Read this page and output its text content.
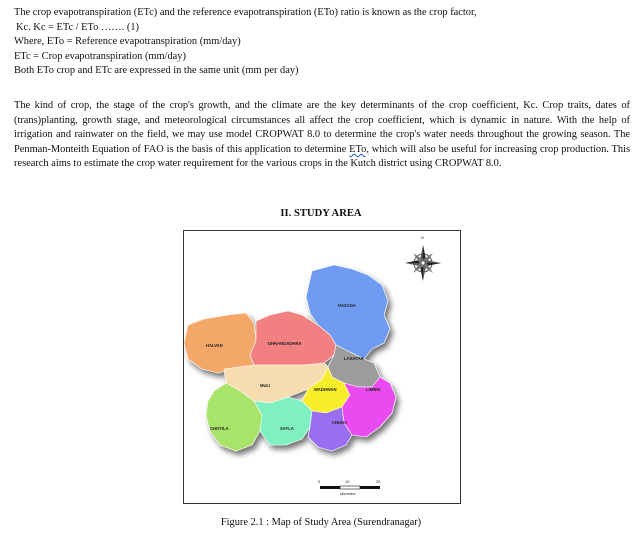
The crop evapotranspiration (ETc) and the reference evapotranspiration (ETo) ratio is known as the crop factor,
Kc. Kc = ETc / ETo ……. (1)
Where, ETo = Reference evapotranspiration (mm/day)
ETc = Crop evapotranspiration (mm/day)
Both ETo crop and ETc are expressed in the same unit (mm per day)

The kind of crop, the stage of the crop's growth, and the climate are the key determinants of the crop coefficient, Kc. Crop traits, dates of (trans)planting, growth stage, and meteorological circumstances all affect the crop coefficient, which is dynamic in nature. With the help of irrigation and rainwater on the field, we may use model CROPWAT 8.0 to determine the crop's water needs throughout the growing season. The Penman-Monteith Equation of FAO is the basis of this application to determine ETo, which will also be useful for increasing crop production. This research aims to estimate the crop water requirement for the various crops in the Kutch district using CROPWAT 8.0.

II. STUDY AREA
DASADA
HALVAD	DHRANGADHRA
LAKHTAR
MULI
WADHWAN	LIMBDI
CHOTILA	SAYLA
CHUDA
N
0	10	20
kilometers
Figure 2.1 : Map of Study Area (Surendranagar)
